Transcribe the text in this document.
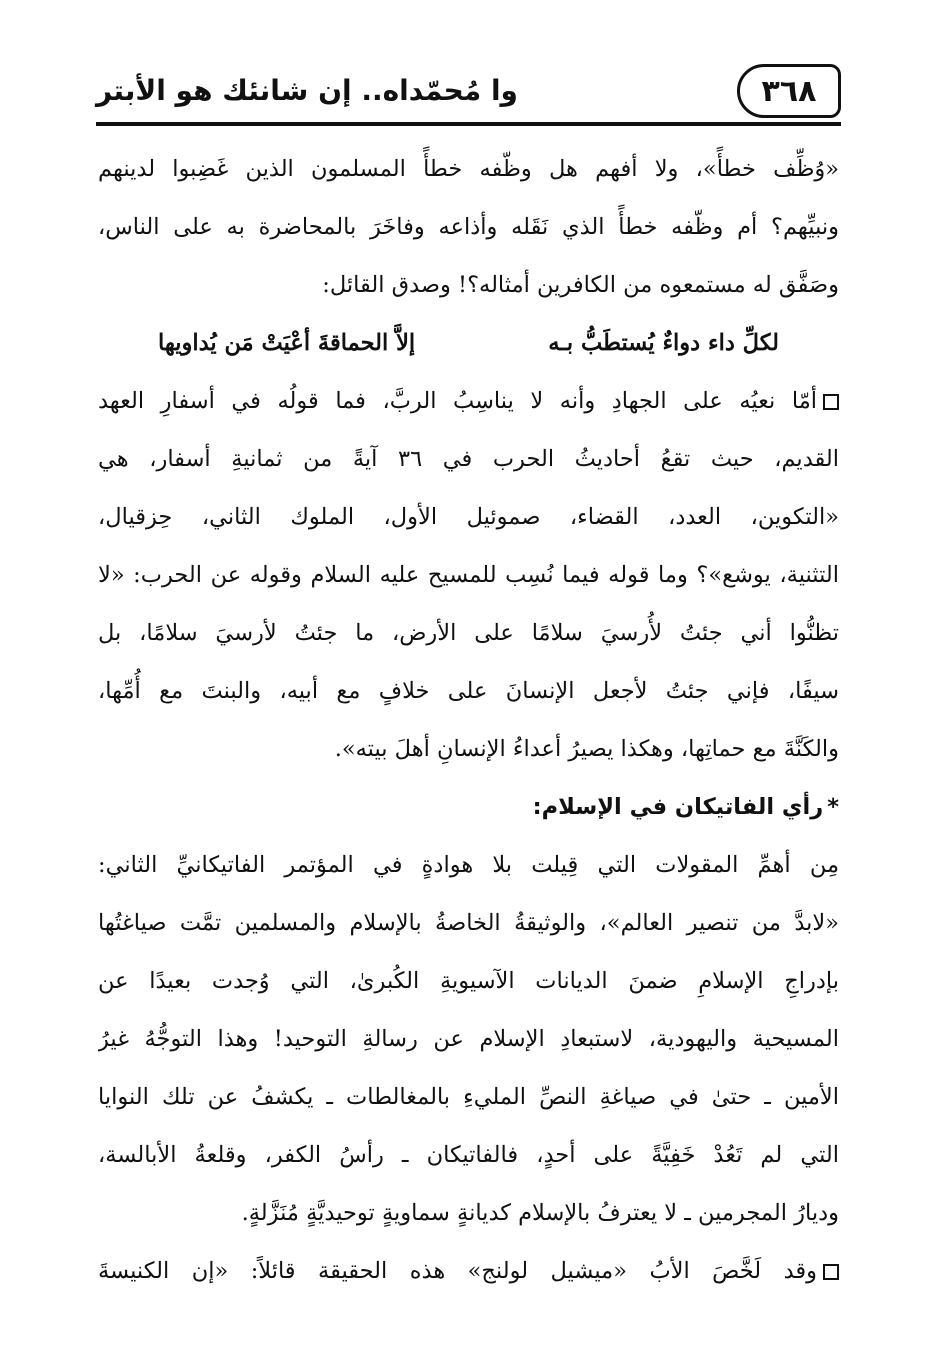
وا مُحمّداه.. إن شانئك هو الأبتر	٣٦٨
«وُظِّف خطأً»، ولا أفهم هل وظّفه خطأً المسلمون الذين غَضِبوا لدينهم
ونبيِّهم؟ أم وظّفه خطأً الذي نَقَله وأذاعه وفاخَرَ بالمحاضرة به على الناس،
وصَفَّق له مستمعوه من الكافرين أمثاله؟! وصدق القائل:
لكلِّ داء دواءٌ يُستطَبُّ بـه
إلاَّ الحماقةَ أعْيَتْ مَن يُداويها
أمّا نعيُه على الجهادِ وأنه لا يناسِبُ الربَّ، فما قولُه في أسفارِ العهد
القديم، حيث تقعُ أحاديثُ الحرب في ٣٦ آيةً من ثمانيةِ أسفار، هي
«التكوين، العدد، القضاء، صموئيل الأول، الملوك الثاني، حِزقيال،
التثنية، يوشع»؟ وما قوله فيما نُسِب للمسيح عليه السلام وقوله عن الحرب: «لا
تظنُّوا أني جئتُ لأُرسيَ سلامًا على الأرض، ما جئتُ لأرسيَ سلامًا، بل
سيفًا، فإني جئتُ لأجعل الإنسانَ على خلافٍ مع أبيه، والبنتَ مع أُمِّها،
والكَنَّةَ مع حماتِها، وهكذا يصيرُ أعداءُ الإنسانِ أهلَ بيته».
*رأي الفاتيكان في الإسلام:
مِن أهمِّ المقولات التي قِيلت بلا هوادةٍ في المؤتمر الفاتيكانيِّ الثاني:
«لابدَّ من تنصير العالم»، والوثيقةُ الخاصةُ بالإسلام والمسلمين تمَّت صياغتُها
بإدراجِ الإسلامِ ضمنَ الديانات الآسيويةِ الكُبرىٰ، التي وُجدت بعيدًا عن
المسيحية واليهودية، لاستبعادِ الإسلام عن رسالةِ التوحيد! وهذا التوجُّهُ غيرُ
الأمين ـ حتىٰ في صياغةِ النصِّ المليءِ بالمغالطات ـ يكشفُ عن تلك النوايا
التي لم تَعُدْ خَفِيَّةً على أحدٍ، فالفاتيكان ـ رأسُ الكفر، وقلعةُ الأبالسة،
وديارُ المجرمين ـ لا يعترفُ بالإسلام كديانةٍ سماويةٍ توحيديَّةٍ مُنَزَّلةٍ.
وقد لَخَّصَ الأبُ «ميشيل لولنج» هذه الحقيقة قائلاً: «إن الكنيسةَ
